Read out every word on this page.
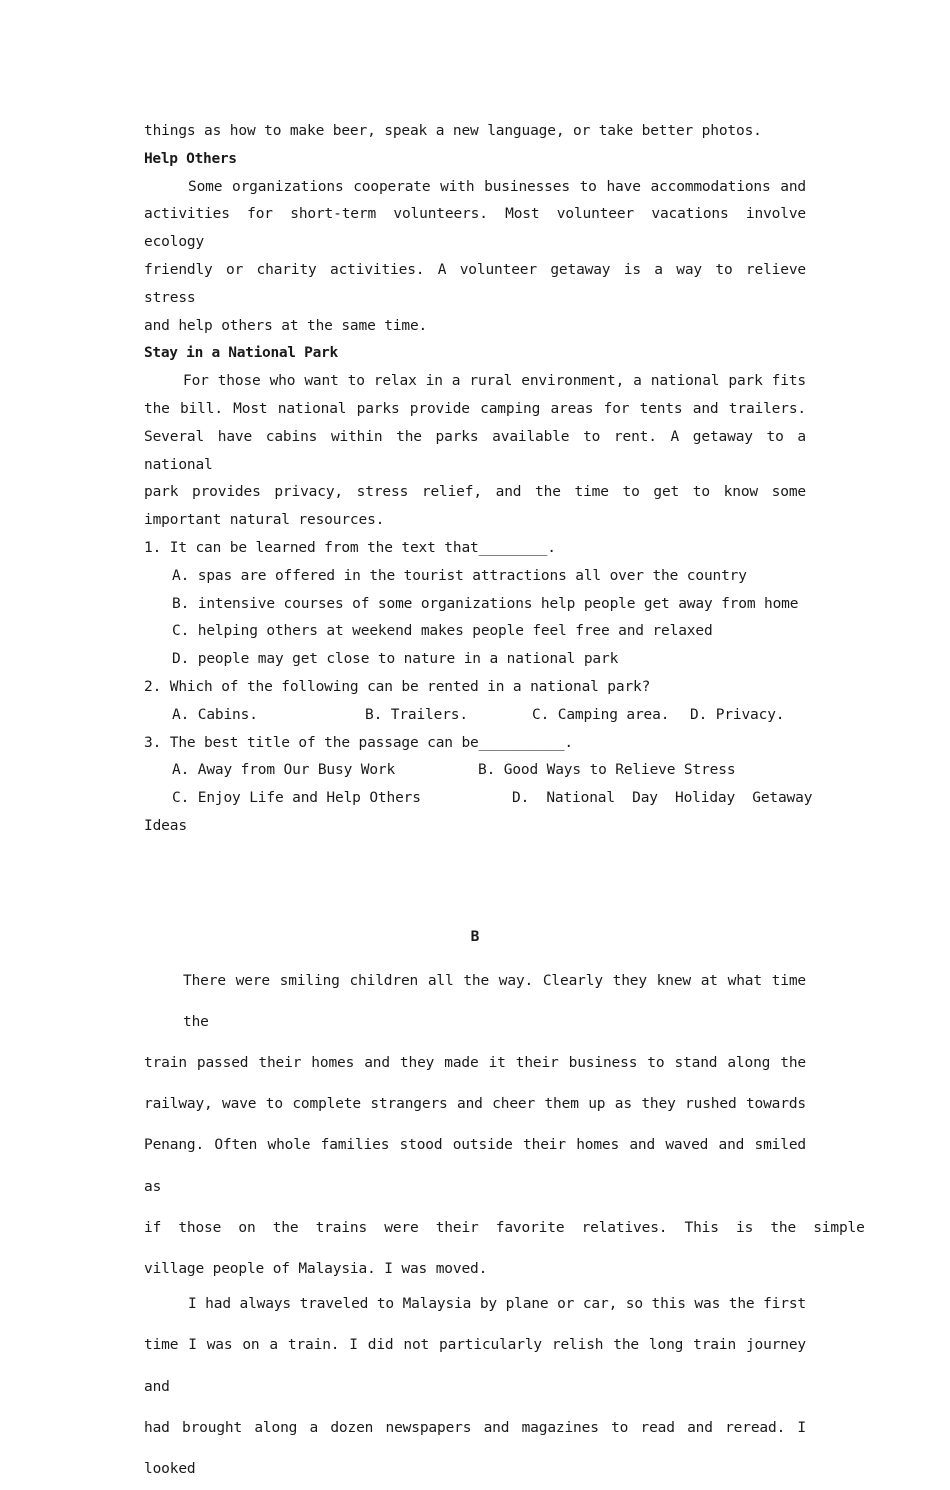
things as how to make beer, speak a new language, or take better photos.
Help Others
Some organizations cooperate with businesses to have accommodations and
activities for short-term volunteers. Most volunteer vacations involve ecology
friendly or charity activities. A volunteer getaway is a way to relieve stress
and help others at the same time.
Stay in a National Park
For those who want to relax in a rural environment, a national park fits
the bill. Most national parks provide camping areas for tents and trailers.
Several have cabins within the parks available to rent. A getaway to a national
park provides privacy, stress relief, and the time to get to know some
important natural resources.
1. It can be learned from the text that________.
A. spas are offered in the tourist attractions all over the country
B. intensive courses of some organizations help people get away from home
C. helping others at weekend makes people feel free and relaxed
D. people may get close to nature in a national park
2. Which of the following can be rented in a national park?
A. Cabins.	B. Trailers.	C. Camping area.	D. Privacy.
3. The best title of the passage can be__________.
A. Away from Our Busy Work	B. Good Ways to Relieve Stress
C. Enjoy Life and Help Others	D.  National  Day  Holiday  Getaway
Ideas
B
There were smiling children all the way. Clearly they knew at what time the
train passed their homes and they made it their business to stand along the
railway, wave to complete strangers and cheer them up as they rushed towards
Penang. Often whole families stood outside their homes and waved and smiled as
if  those  on  the  trains  were  their  favorite  relatives.  This  is  the  simple
village people of Malaysia. I was moved.
I had always traveled to Malaysia by plane or car, so this was the first
time I was on a train. I did not particularly relish the long train journey and
had brought along a dozen newspapers and magazines to read and reread. I looked
